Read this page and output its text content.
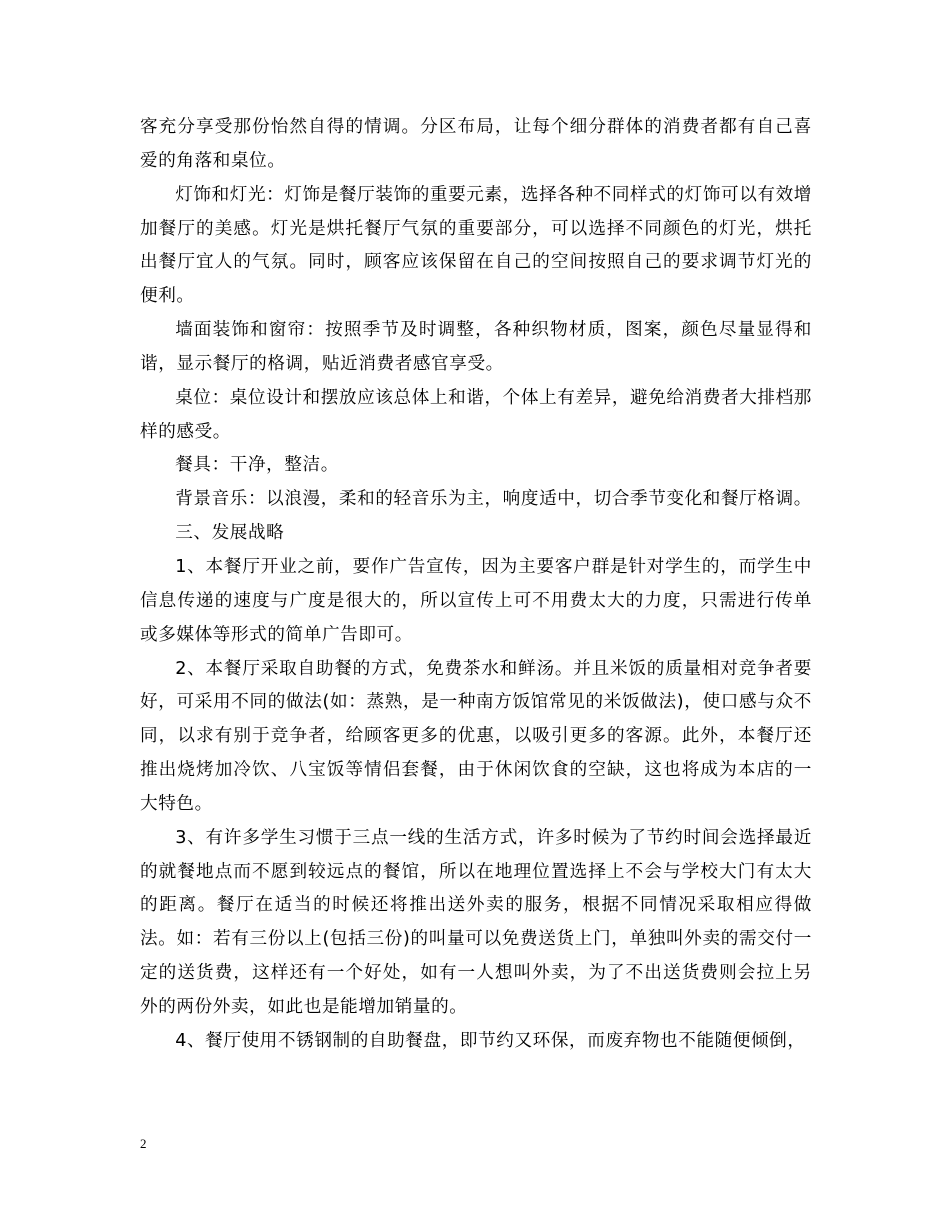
客充分享受那份怡然自得的情调。分区布局，让每个细分群体的消费者都有自己喜爱的角落和桌位。

灯饰和灯光：灯饰是餐厅装饰的重要元素，选择各种不同样式的灯饰可以有效增加餐厅的美感。灯光是烘托餐厅气氛的重要部分，可以选择不同颜色的灯光，烘托出餐厅宜人的气氛。同时，顾客应该保留在自己的空间按照自己的要求调节灯光的便利。

墙面装饰和窗帘：按照季节及时调整，各种织物材质，图案，颜色尽量显得和谐，显示餐厅的格调，贴近消费者感官享受。

桌位：桌位设计和摆放应该总体上和谐，个体上有差异，避免给消费者大排档那样的感受。

餐具：干净，整洁。

背景音乐：以浪漫，柔和的轻音乐为主，响度适中，切合季节变化和餐厅格调。

三、发展战略

1、本餐厅开业之前，要作广告宣传，因为主要客户群是针对学生的，而学生中信息传递的速度与广度是很大的，所以宣传上可不用费太大的力度，只需进行传单或多媒体等形式的简单广告即可。

2、本餐厅采取自助餐的方式，免费茶水和鲜汤。并且米饭的质量相对竞争者要好，可采用不同的做法(如：蒸熟，是一种南方饭馆常见的米饭做法)，使口感与众不同，以求有别于竞争者，给顾客更多的优惠，以吸引更多的客源。此外，本餐厅还推出烧烤加冷饮、八宝饭等情侣套餐，由于休闲饮食的空缺，这也将成为本店的一大特色。

3、有许多学生习惯于三点一线的生活方式，许多时候为了节约时间会选择最近的就餐地点而不愿到较远点的餐馆，所以在地理位置选择上不会与学校大门有太大的距离。餐厅在适当的时候还将推出送外卖的服务，根据不同情况采取相应得做法。如：若有三份以上(包括三份)的叫量可以免费送货上门，单独叫外卖的需交付一定的送货费，这样还有一个好处，如有一人想叫外卖，为了不出送货费则会拉上另外的两份外卖，如此也是能增加销量的。

4、餐厅使用不锈钢制的自助餐盘，即节约又环保，而废弃物也不能随便倾倒，

2
